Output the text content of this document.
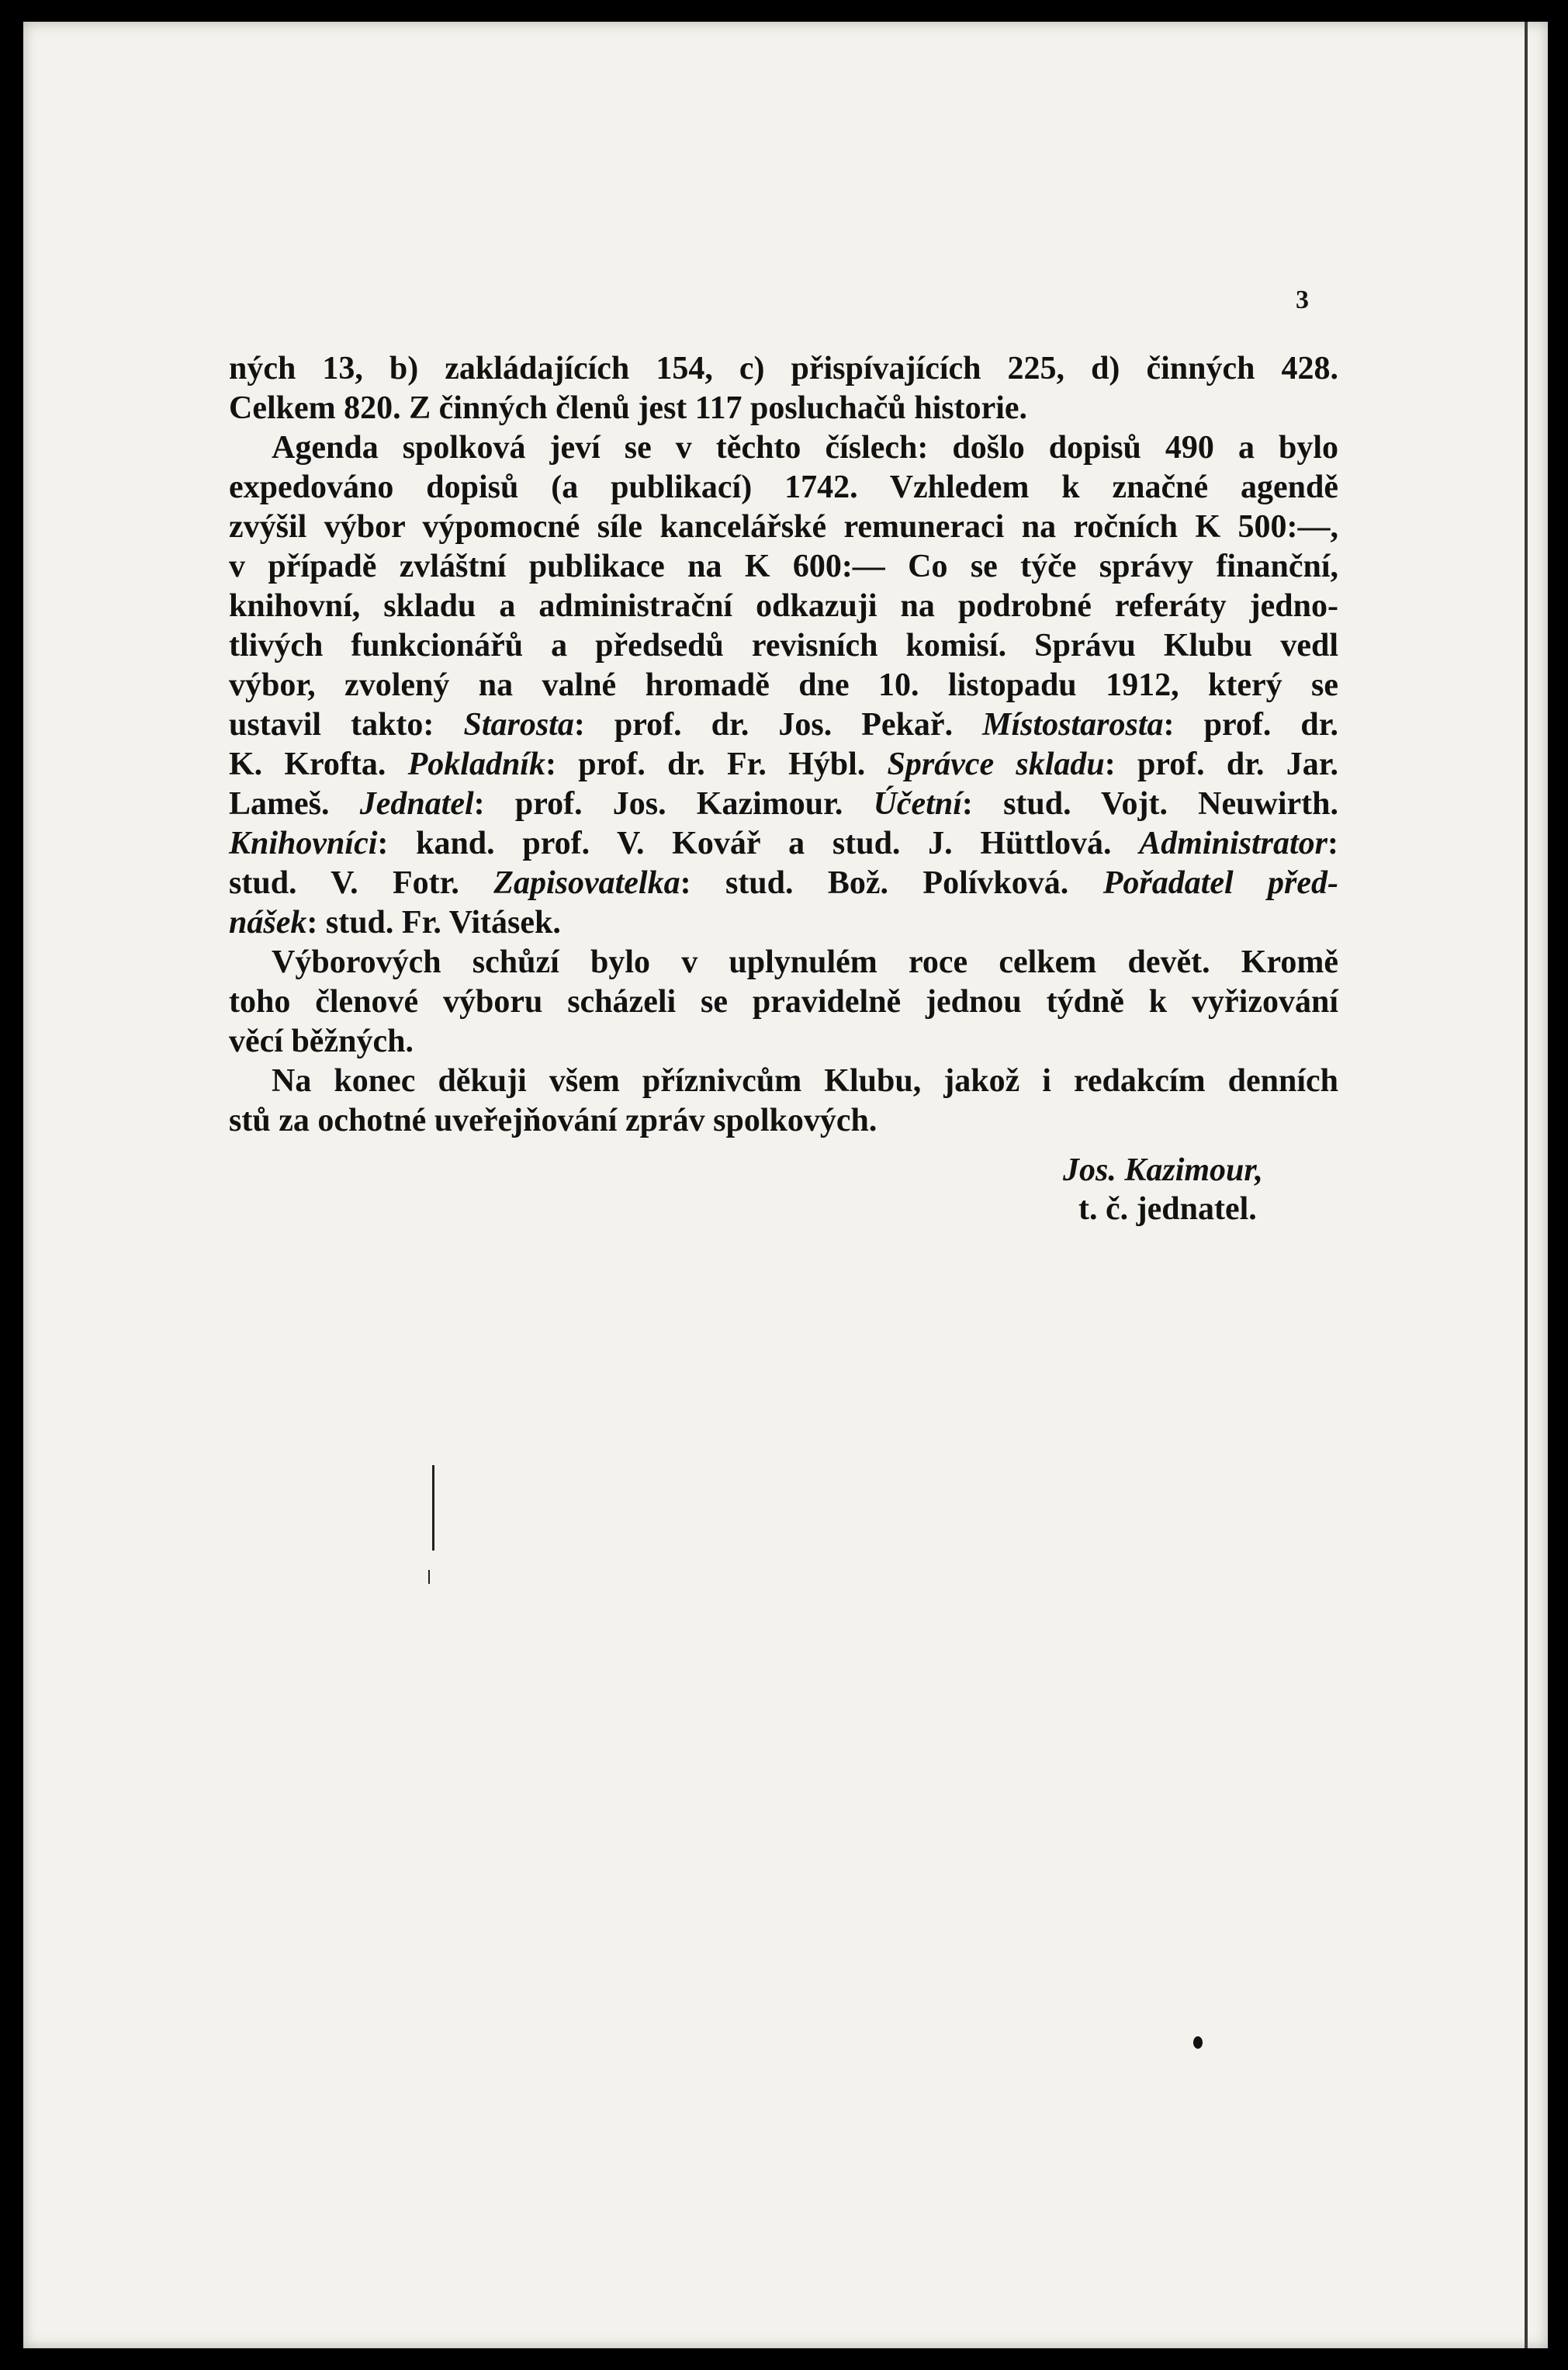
3
ných 13, b) zakládajících 154, c) přispívajících 225, d) činných 428.
Celkem 820. Z činných členů jest 117 posluchačů historie.
Agenda spolková jeví se v těchto číslech: došlo dopisů 490 a bylo
expedováno dopisů (a publikací) 1742. Vzhledem k značné agendě
zvýšil výbor výpomocné síle kancelářské remuneraci na ročních K 500:—,
v případě zvláštní publikace na K 600:— Co se týče správy finanční,
knihovní, skladu a administrační odkazuji na podrobné referáty jedno-
tlivých funkcionářů a předsedů revisních komisí. Správu Klubu vedl
výbor, zvolený na valné hromadě dne 10. listopadu 1912, který se
ustavil takto: Starosta: prof. dr. Jos. Pekař. Místostarosta: prof. dr.
K. Krofta. Pokladník: prof. dr. Fr. Hýbl. Správce skladu: prof. dr. Jar.
Lameš. Jednatel: prof. Jos. Kazimour. Účetní: stud. Vojt. Neuwirth.
Knihovníci: kand. prof. V. Kovář a stud. J. Hüttlová. Administrator:
stud. V. Fotr. Zapisovatelka: stud. Bož. Polívková. Pořadatel před-
nášek: stud. Fr. Vitásek.
Výborových schůzí bylo v uplynulém roce celkem devět. Kromě
toho členové výboru scházeli se pravidelně jednou týdně k vyřizování
věcí běžných.
Na konec děkuji všem příznivcům Klubu, jakož i redakcím denních
stů za ochotné uveřejňování zpráv spolkových.
Jos. Kazimour,
t. č. jednatel.
